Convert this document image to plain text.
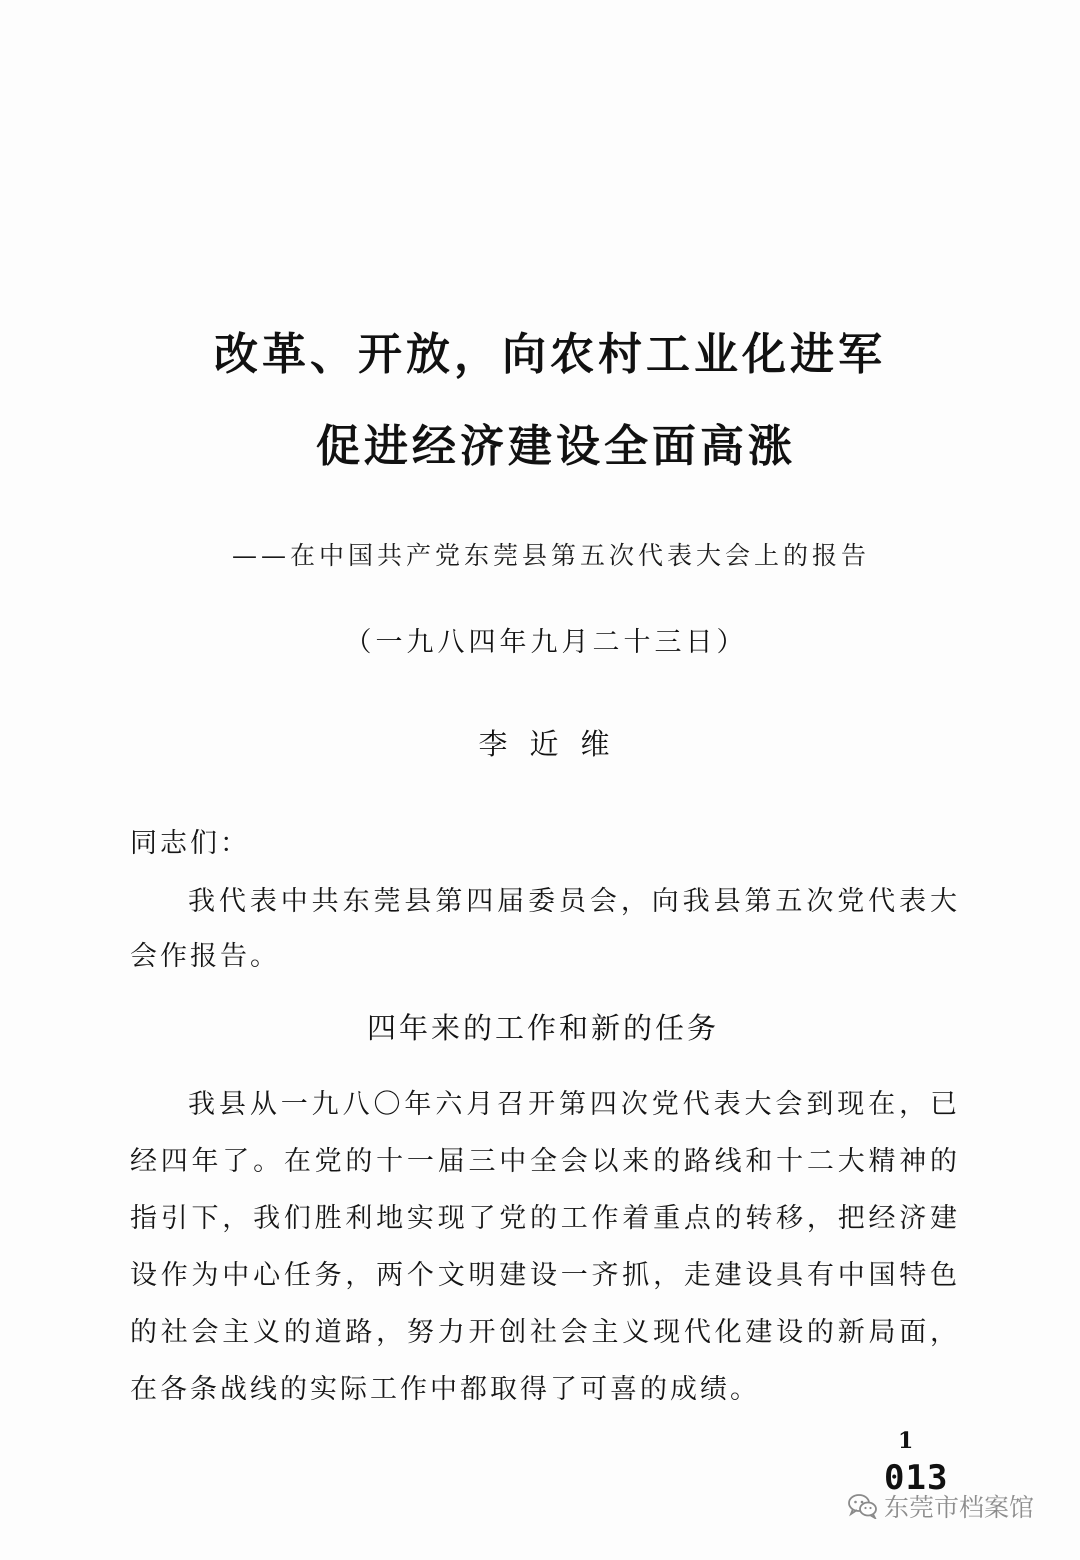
改革、开放，向农村工业化进军
促进经济建设全面高涨
——在中国共产党东莞县第五次代表大会上的报告
（一九八四年九月二十三日）
李近维
同志们：
我代表中共东莞县第四届委员会，向我县第五次党代表大会作报告。
四年来的工作和新的任务
我县从一九八〇年六月召开第四次党代表大会到现在，已经四年了。在党的十一届三中全会以来的路线和十二大精神的指引下，我们胜利地实现了党的工作着重点的转移，把经济建设作为中心任务，两个文明建设一齐抓，走建设具有中国特色的社会主义的道路，努力开创社会主义现代化建设的新局面，在各条战线的实际工作中都取得了可喜的成绩。
1
013
东莞市档案馆
